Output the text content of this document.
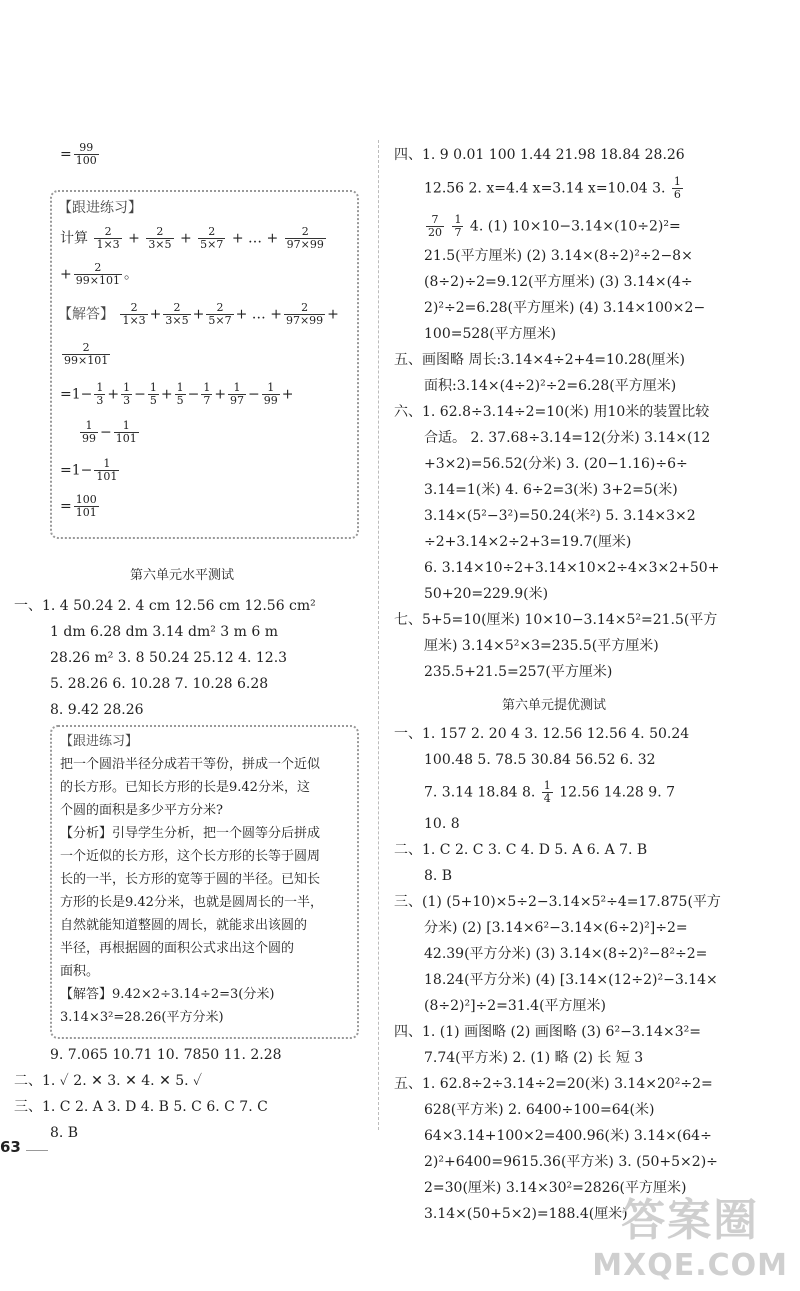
= $\frac{99}{100}$
【跟进练习】
计算 $\frac{2}{1\times 3} + \frac{2}{3\times 5} + \frac{2}{5\times 7}$ + … + $\frac{2}{97\times 99}$
+ $\frac{2}{99\times 101}$ 。
【解答】 $\frac{2}{1\times 3} + \frac{2}{3\times 5} + \frac{2}{5\times 7}$ + … + $\frac{2}{97\times 99}$ +
$\frac{2}{99\times 101}$
$=1- \frac{1}{3} + \frac{1}{3} - \frac{1}{5} + \frac{1}{5} - \frac{1}{7} + \frac{1}{97} - \frac{1}{99}$ +
$\frac{1}{99} - \frac{1}{101}$
$=1- \frac{1}{101}$
= $\frac{100}{101}$
第六单元水平测试
一、1. 4 50.24 2. 4 cm 12.56 cm 12.56 cm²
1 dm 6.28 dm 3.14 dm² 3 m 6 m
28.26 m² 3. 8 50.24 25.12 4. 12.3
5. 28.26 6. 10.28 7. 10.28 6.28
8. 9.42 28.26
【跟进练习】
把一个圆沿半径分成若干等份，拼成一个近似
的长方形。已知长方形的长是9.42分米，这
个圆的面积是多少平方分米?
【分析】引导学生分析，把一个圆等分后拼成
一个近似的长方形，这个长方形的长等于圆周
长的一半，长方形的宽等于圆的半径。已知长
方形的长是9.42分米，也就是圆周长的一半，
自然就能知道整圆的周长，就能求出该圆的
半径，再根据圆的面积公式求出这个圆的
面积。
【解答】9.42×2÷3.14÷2=3(分米)
3.14×3²=28.26(平方分米)
9. 7.065 10.71 10. 7850 11. 2.28
二、1. ✓ 2. ✕ 3. ✕ 4. ✕ 5. ✓
三、1. C 2. A 3. D 4. B 5. C 6. C 7. C
8. B
63
四、1. 9 0.01 100 1.44 21.98 18.84 28.26
12.56 2. x=4.4 x=3.14 x=10.04 3. $\frac{1}{6}$
$\frac{7}{20}$
$\frac{1}{7} 4$. (1) 10×10−3.14×(10÷2)²=
21.5(平方厘米) (2) 3.14×(8÷2)²÷2−8×
(8÷2)÷2=9.12(平方厘米) (3) 3.14×(4÷
2)²÷2=6.28(平方厘米) (4) 3.14×100×2−
100=528(平方厘米)
五、画图略 周长:3.14×4÷2+4=10.28(厘米)
面积:3.14×(4÷2)²÷2=6.28(平方厘米)
六、1. 62.8÷3.14÷2=10(米) 用10米的装置比较
合适。 2. 37.68÷3.14=12(分米) 3.14×(12
+3×2)=56.52(分米) 3. (20−1.16)÷6÷
3.14=1(米) 4. 6÷2=3(米) 3+2=5(米)
3.14×(5²−3²)=50.24(米²) 5. 3.14×3×2
÷2+3.14×2÷2+3=19.7(厘米)
6. 3.14×10÷2+3.14×10×2÷4×3×2+50+
50+20=229.9(米)
七、5+5=10(厘米) 10×10−3.14×5²=21.5(平方
厘米) 3.14×5²×3=235.5(平方厘米)
235.5+21.5=257(平方厘米)
第六单元提优测试
一、1. 157 2. 20 4 3. 12.56 12.56 4. 50.24
100.48 5. 78.5 30.84 56.52 6. 32
7. 3.14 18.84 8. $\frac{1}{4} 12.56$ 14.28 9. 7
10. 8
二、1. C 2. C 3. C 4. D 5. A 6. A 7. B
8. B
三、(1) (5+10)×5÷2−3.14×5²÷4=17.875(平方
分米) (2) [3.14×6²−3.14×(6÷2)²]÷2=
42.39(平方分米) (3) 3.14×(8÷2)²−8²÷2=
18.24(平方分米) (4) [3.14×(12÷2)²−3.14×
(8÷2)²]÷2=31.4(平方厘米)
四、1. (1) 画图略 (2) 画图略 (3) 6²−3.14×3²=
7.74(平方米) 2. (1) 略 (2) 长 短 3
五、1. 62.8÷2÷3.14÷2=20(米) 3.14×20²÷2=
628(平方米) 2. 6400÷100=64(米)
64×3.14+100×2=400.96(米) 3.14×(64÷
2)²+6400=9615.36(平方米) 3. (50+5×2)÷
2=30(厘米) 3.14×30²=2826(平方厘米)
3.14×(50+5×2)=188.4(厘米)
答案圈
MXQE.COM
